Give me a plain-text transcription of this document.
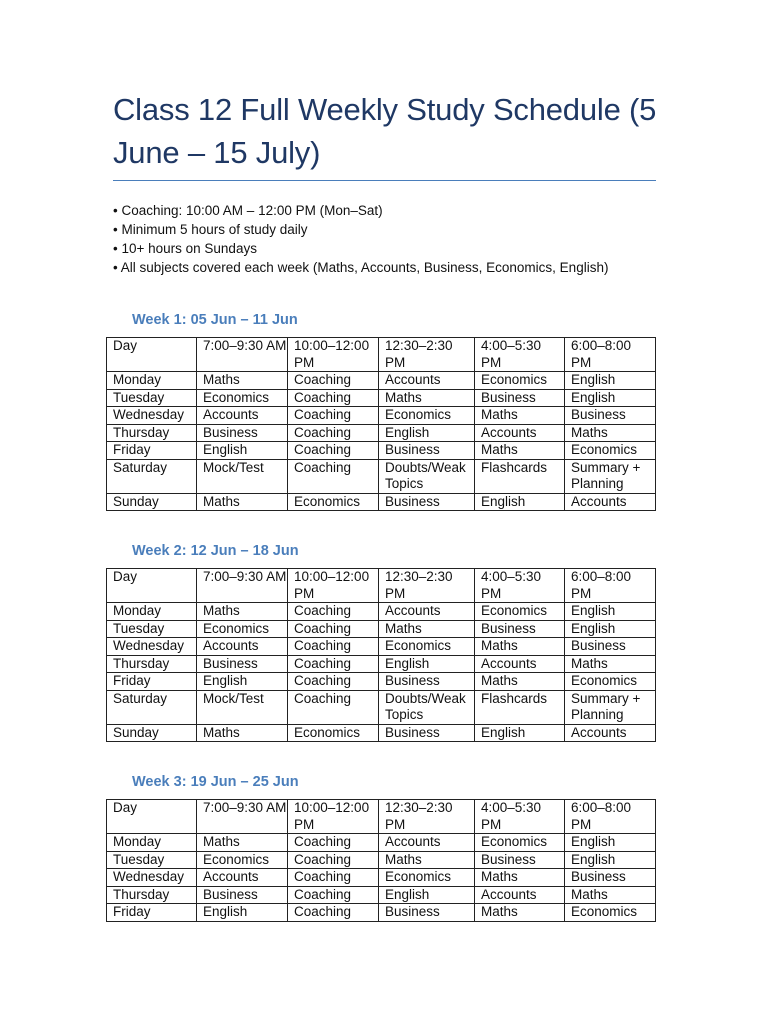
Class 12 Full Weekly Study Schedule (5 June – 15 July)
• Coaching: 10:00 AM – 12:00 PM (Mon–Sat)
• Minimum 5 hours of study daily
• 10+ hours on Sundays
• All subjects covered each week (Maths, Accounts, Business, Economics, English)
Week 1: 05 Jun – 11 Jun
Day	7:00–9:30 AM	10:00–12:00 PM	12:30–2:30 PM	4:00–5:30 PM	6:00–8:00 PM
Monday	Maths	Coaching	Accounts	Economics	English
Tuesday	Economics	Coaching	Maths	Business	English
Wednesday	Accounts	Coaching	Economics	Maths	Business
Thursday	Business	Coaching	English	Accounts	Maths
Friday	English	Coaching	Business	Maths	Economics
Saturday	Mock/Test	Coaching	Doubts/Weak Topics	Flashcards	Summary + Planning
Sunday	Maths	Economics	Business	English	Accounts
Week 2: 12 Jun – 18 Jun
Day	7:00–9:30 AM	10:00–12:00 PM	12:30–2:30 PM	4:00–5:30 PM	6:00–8:00 PM
Monday	Maths	Coaching	Accounts	Economics	English
Tuesday	Economics	Coaching	Maths	Business	English
Wednesday	Accounts	Coaching	Economics	Maths	Business
Thursday	Business	Coaching	English	Accounts	Maths
Friday	English	Coaching	Business	Maths	Economics
Saturday	Mock/Test	Coaching	Doubts/Weak Topics	Flashcards	Summary + Planning
Sunday	Maths	Economics	Business	English	Accounts
Week 3: 19 Jun – 25 Jun
Day	7:00–9:30 AM	10:00–12:00 PM	12:30–2:30 PM	4:00–5:30 PM	6:00–8:00 PM
Monday	Maths	Coaching	Accounts	Economics	English
Tuesday	Economics	Coaching	Maths	Business	English
Wednesday	Accounts	Coaching	Economics	Maths	Business
Thursday	Business	Coaching	English	Accounts	Maths
Friday	English	Coaching	Business	Maths	Economics
